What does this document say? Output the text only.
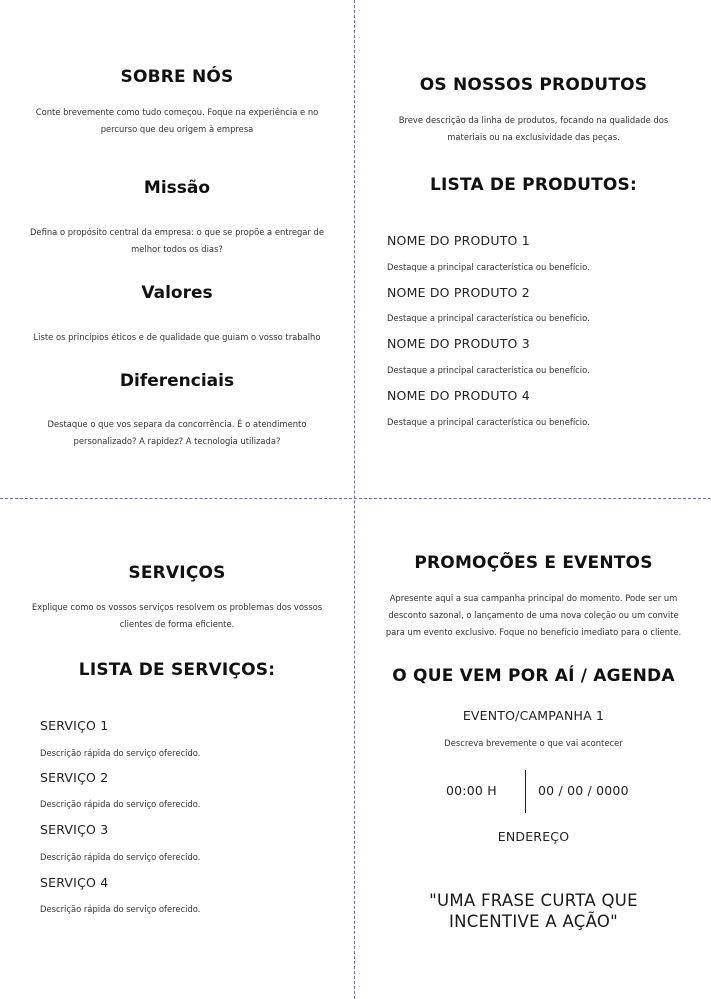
SOBRE NÓS
Conte brevemente como tudo começou. Foque na experiência e no
percurso que deu origem à empresa
Missão
Defina o propósito central da empresa: o que se propõe a entregar de
melhor todos os dias?
Valores
Liste os princípios éticos e de qualidade que guiam o vosso trabalho
Diferenciais
Destaque o que vos separa da concorrência. É o atendimento
personalizado? A rapidez? A tecnologia utilizada?
OS NOSSOS PRODUTOS
Breve descrição da linha de produtos, focando na qualidade dos
materiais ou na exclusividade das peças.
LISTA DE PRODUTOS:
NOME DO PRODUTO 1
Destaque a principal característica ou benefício.
NOME DO PRODUTO 2
Destaque a principal característica ou benefício.
NOME DO PRODUTO 3
Destaque a principal característica ou benefício.
NOME DO PRODUTO 4
Destaque a principal característica ou benefício.
SERVIÇOS
Explique como os vossos serviços resolvem os problemas dos vossos
clientes de forma eficiente.
LISTA DE SERVIÇOS:
SERVIÇO 1
Descrição rápida do serviço oferecido.
SERVIÇO 2
Descrição rápida do serviço oferecido.
SERVIÇO 3
Descrição rápida do serviço oferecido.
SERVIÇO 4
Descrição rápida do serviço oferecido.
PROMOÇÕES E EVENTOS
Apresente aqui a sua campanha principal do momento. Pode ser um
desconto sazonal, o lançamento de uma nova coleção ou um convite
para um evento exclusivo. Foque no benefício imediato para o cliente.
O QUE VEM POR AÍ / AGENDA
EVENTO/CAMPANHA 1
Descreva brevemente o que vai acontecer
00:00 H	00 / 00 / 0000
ENDEREÇO
"UMA FRASE CURTA QUE
INCENTIVE A AÇÃO"
